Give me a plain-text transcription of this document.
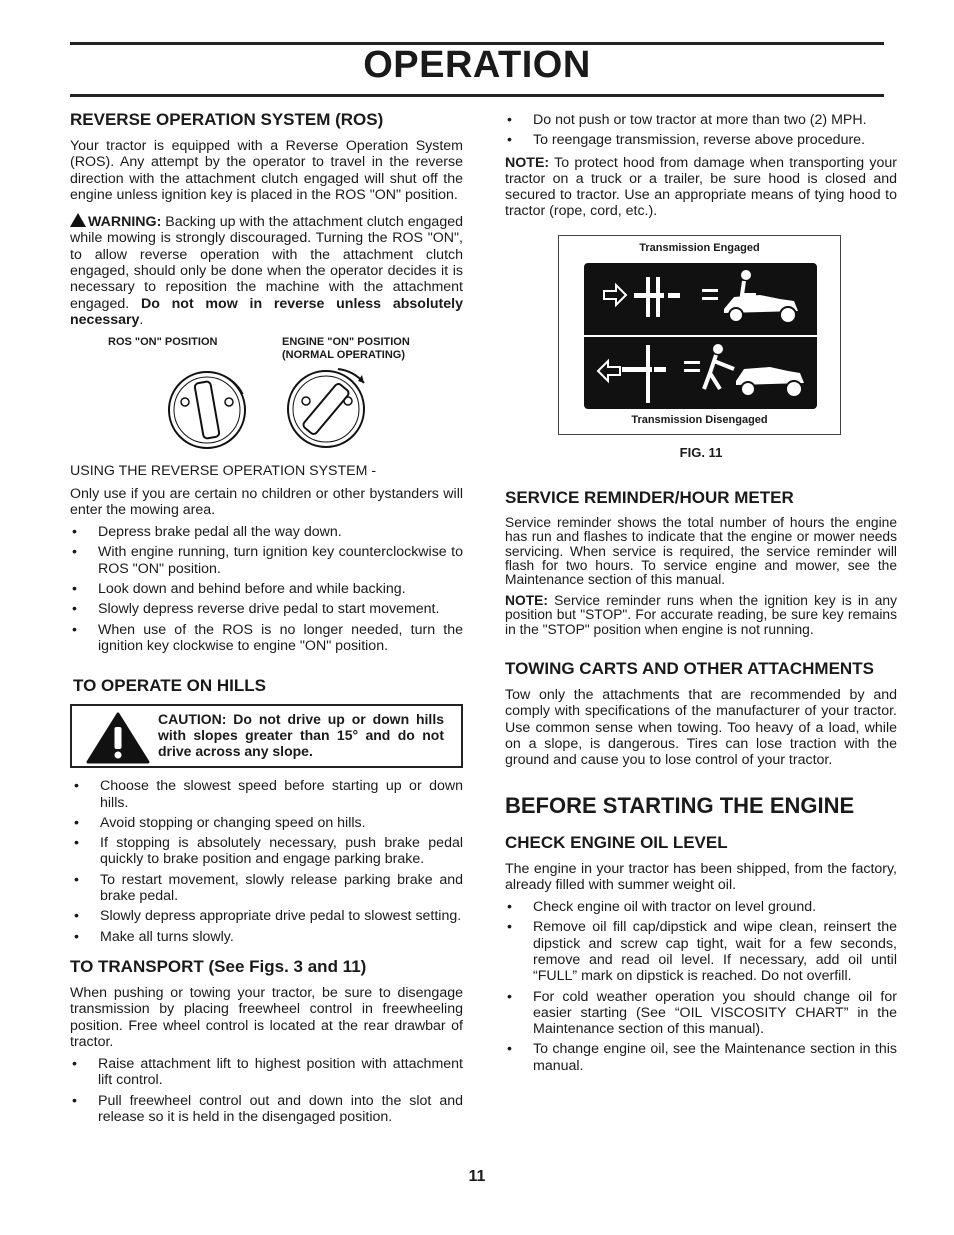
OPERATION
REVERSE OPERATION SYSTEM (ROS)

Your tractor is equipped with a Reverse Operation System (ROS). Any attempt by the operator to travel in the reverse direction with the attachment clutch engaged will shut off the engine unless ignition key is placed in the ROS "ON" position.

WARNING: Backing up with the attachment clutch engaged while mowing is strongly discouraged. Turning the ROS "ON", to allow reverse operation with the attachment clutch engaged, should only be done when the operator decides it is necessary to reposition the machine with the attachment engaged. Do not mow in reverse unless absolutely necessary.

ROS "ON" POSITION	ENGINE "ON" POSITION
(NORMAL OPERATING)

USING THE REVERSE OPERATION SYSTEM -

Only use if you are certain no children or other bystanders will enter the mowing area.

• Depress brake pedal all the way down.
• With engine running, turn ignition key counterclockwise to ROS "ON" position.
• Look down and behind before and while backing.
• Slowly depress reverse drive pedal to start movement.
• When use of the ROS is no longer needed, turn the ignition key clockwise to engine "ON" position.
TO OPERATE ON HILLS

CAUTION: Do not drive up or down hills with slopes greater than 15° and do not drive across any slope.

• Choose the slowest speed before starting up or down hills.
• Avoid stopping or changing speed on hills.
• If stopping is absolutely necessary, push brake pedal quickly to brake position and engage parking brake.
• To restart movement, slowly release parking brake and brake pedal.
• Slowly depress appropriate drive pedal to slowest setting.
• Make all turns slowly.
TO TRANSPORT (See Figs. 3 and 11)

When pushing or towing your tractor, be sure to disengage transmission by placing freewheel control in freewheeling position. Free wheel control is located at the rear drawbar of tractor.

• Raise attachment lift to highest position with attachment lift control.
• Pull freewheel control out and down into the slot and release so it is held in the disengaged position.
• Do not push or tow tractor at more than two (2) MPH.
• To reengage transmission, reverse above procedure.

NOTE: To protect hood from damage when transporting your tractor on a truck or a trailer, be sure hood is closed and secured to tractor. Use an appropriate means of tying hood to tractor (rope, cord, etc.).

Transmission Engaged
Transmission Disengaged
FIG. 11
SERVICE REMINDER/HOUR METER

Service reminder shows the total number of hours the engine has run and flashes to indicate that the engine or mower needs servicing. When service is required, the service reminder will flash for two hours. To service engine and mower, see the Maintenance section of this manual.

NOTE: Service reminder runs when the ignition key is in any position but "STOP". For accurate reading, be sure key remains in the "STOP" position when engine is not running.

TOWING CARTS AND OTHER ATTACHMENTS

Tow only the attachments that are recommended by and comply with specifications of the manufacturer of your tractor. Use common sense when towing. Too heavy of a load, while on a slope, is dangerous. Tires can lose traction with the ground and cause you to lose control of your tractor.

BEFORE STARTING THE ENGINE
CHECK ENGINE OIL LEVEL

The engine in your tractor has been shipped, from the factory, already filled with summer weight oil.

• Check engine oil with tractor on level ground.
• Remove oil fill cap/dipstick and wipe clean, reinsert the dipstick and screw cap tight, wait for a few seconds, remove and read oil level. If necessary, add oil until “FULL” mark on dipstick is reached. Do not overfill.
• For cold weather operation you should change oil for easier starting (See “OIL VISCOSITY CHART” in the Maintenance section of this manual).
• To change engine oil, see the Maintenance section in this manual.
11
